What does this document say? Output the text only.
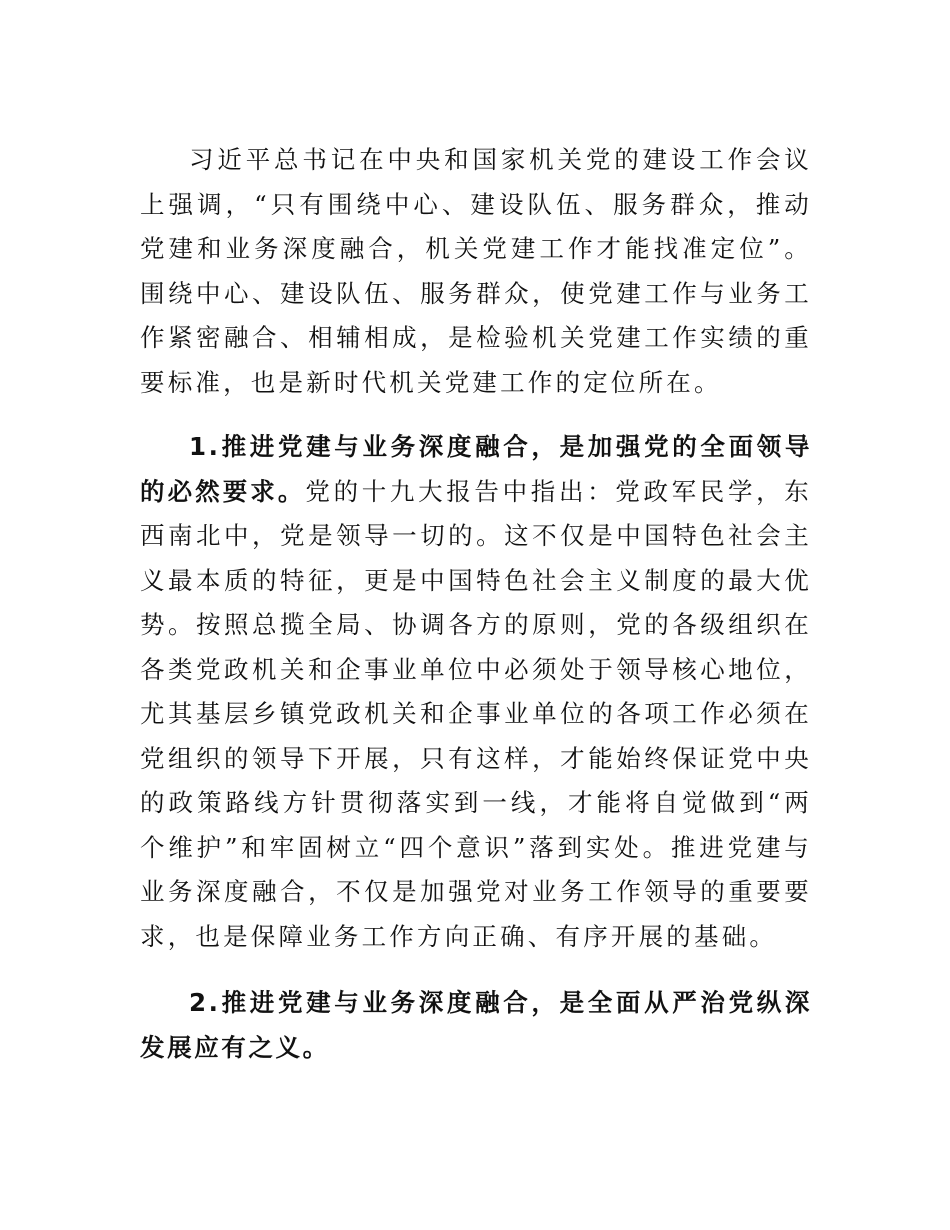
习近平总书记在中央和国家机关党的建设工作会议上强调，“只有围绕中心、建设队伍、服务群众，推动党建和业务深度融合，机关党建工作才能找准定位”。围绕中心、建设队伍、服务群众，使党建工作与业务工作紧密融合、相辅相成，是检验机关党建工作实绩的重要标准，也是新时代机关党建工作的定位所在。

1.推进党建与业务深度融合，是加强党的全面领导的必然要求。党的十九大报告中指出：党政军民学，东西南北中，党是领导一切的。这不仅是中国特色社会主义最本质的特征，更是中国特色社会主义制度的最大优势。按照总揽全局、协调各方的原则，党的各级组织在各类党政机关和企事业单位中必须处于领导核心地位，尤其基层乡镇党政机关和企事业单位的各项工作必须在党组织的领导下开展，只有这样，才能始终保证党中央的政策路线方针贯彻落实到一线，才能将自觉做到“两个维护”和牢固树立“四个意识”落到实处。推进党建与业务深度融合，不仅是加强党对业务工作领导的重要要求，也是保障业务工作方向正确、有序开展的基础。

2.推进党建与业务深度融合，是全面从严治党纵深发展应有之义。
